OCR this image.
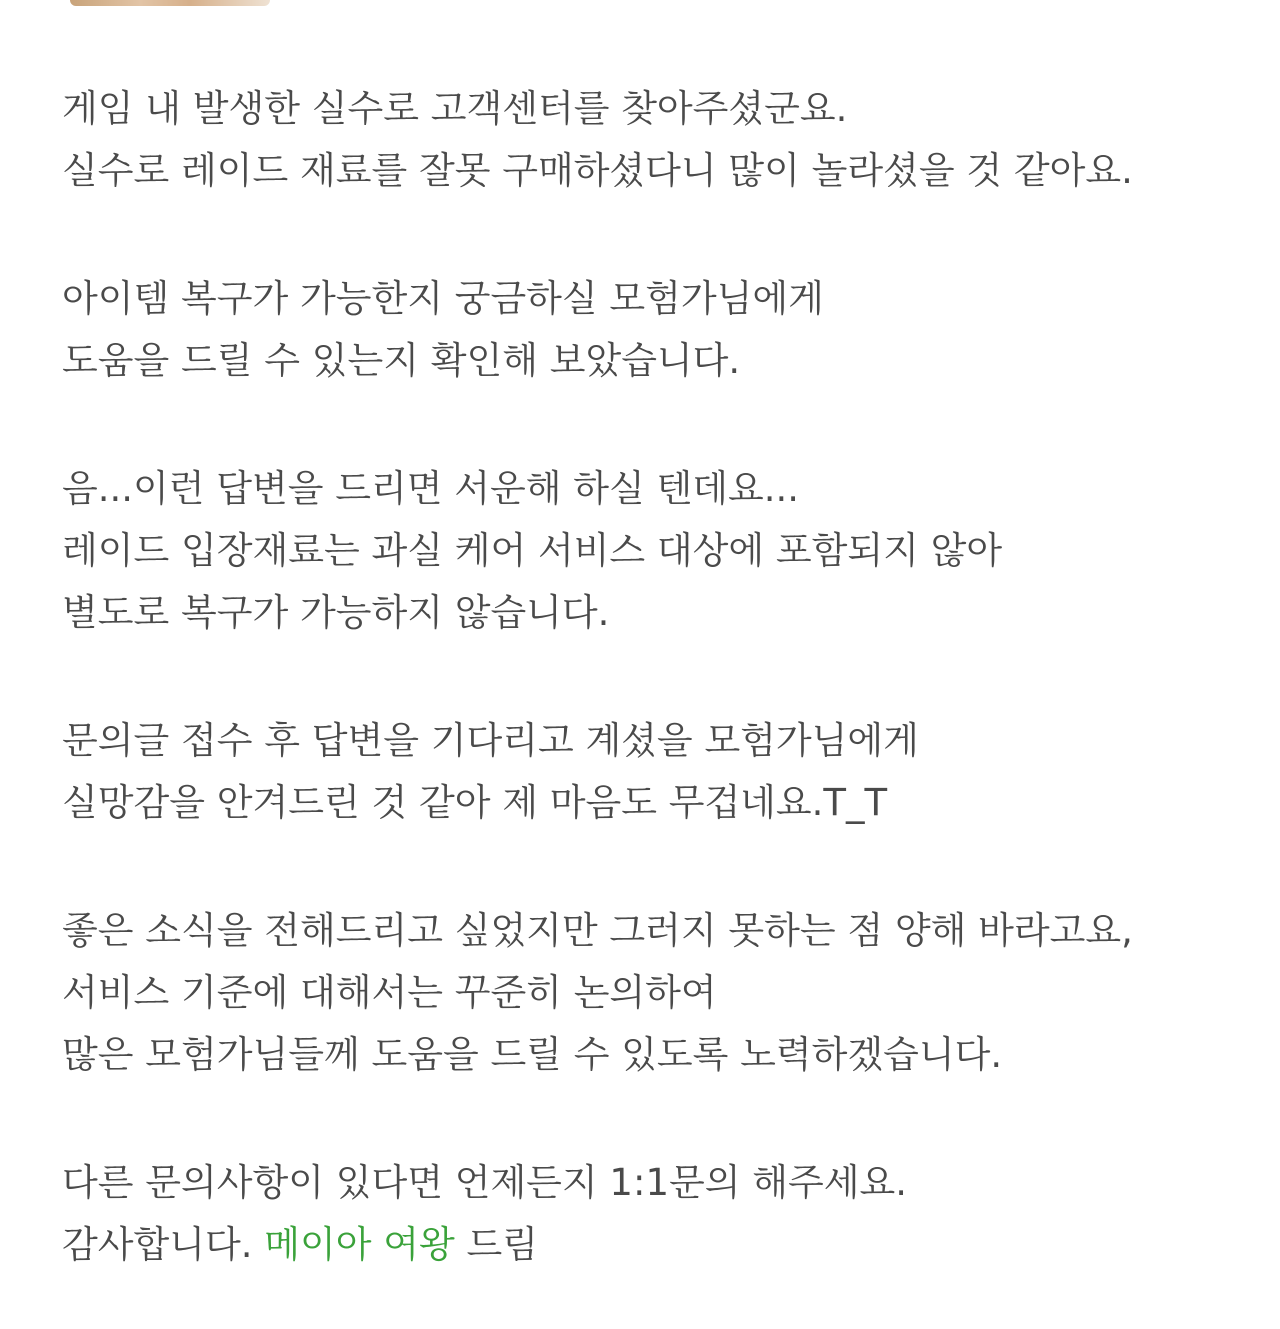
게임 내 발생한 실수로 고객센터를 찾아주셨군요.
실수로 레이드 재료를 잘못 구매하셨다니 많이 놀라셨을 것 같아요.
아이템 복구가 가능한지 궁금하실 모험가님에게
도움을 드릴 수 있는지 확인해 보았습니다.
음...이런 답변을 드리면 서운해 하실 텐데요...
레이드 입장재료는 과실 케어 서비스 대상에 포함되지 않아
별도로 복구가 가능하지 않습니다.
문의글 접수 후 답변을 기다리고 계셨을 모험가님에게
실망감을 안겨드린 것 같아 제 마음도 무겁네요.T_T
좋은 소식을 전해드리고 싶었지만 그러지 못하는 점 양해 바라고요,
서비스 기준에 대해서는 꾸준히 논의하여
많은 모험가님들께 도움을 드릴 수 있도록 노력하겠습니다.
다른 문의사항이 있다면 언제든지 1:1문의 해주세요.
감사합니다. 메이아 여왕 드림
